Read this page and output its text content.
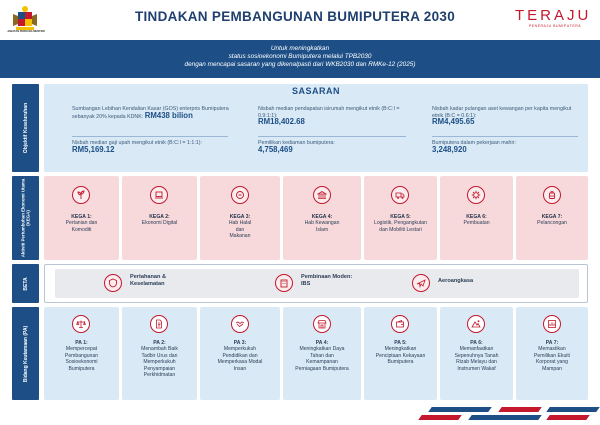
JABATAN PERDANA MENTERI
TINDAKAN PEMBANGUNAN BUMIPUTERA 2030	TERAJU
PENERAJU BUMIPUTERA
Untuk meningkatkan
status sosioekonomi Bumiputera melalui TPB2030
dengan mencapai sasaran yang dikenalpasti dari WKB2030 dan RMKe-12 (2025)
Objektif Keseluruhan
Aktiviti Pertumbuhan Ekonomi Utama (KEGA)
BETA
Bidang Keutamaan (PA)
SASARAN
Sumbangan Lebihan Kendalian Kasar (GOS) enterpris Bumiputera sebanyak 20% kepada KDNK: RM438 bilion
Nisbah median gaji upah mengikut etnik (B:C:I = 1:1:1): RM5,169.12
Nisbah median pendapatan isirumah mengikut etnik (B:C:I = 0.9:1:1):
RM18,402.68
Pemilikan kediaman bumiputera:
4,758,469
Nisbah kadar pulangan aset kewangan per kapita mengikut etnik (B:C = 0.6:1):
RM4,495.65
Bumiputera dalam pekerjaan mahir:
3,248,920
KEGA 1:
Pertanian dan Komoditi
KEGA 2:
Ekonomi Digital
KEGA 3:
Hab Halal dan Makanan
KEGA 4:
Hab Kewangan Islam
KEGA 5:
Logistik, Pengangkutan dan Mobiliti Lestari
KEGA 6:
Pembuatan
KEGA 7:
Pelancongan
Pertahanan & Keselamatan
Pembinaan Moden: IBS	Aeroangkasa
PA 1:
Mempercepat Pembangunan Sosioekonomi Bumiputera
PA 2:
Menambah Baik Tadbir Urus dan Memperkukuh Penyampaian Perkhidmatan
PA 3:
Memperkukuh Pendidikan dan Memperkasa Modal Insan
PA 4:
Meningkatkan Daya Tahan dan Kemampanan Perniagaan Bumiputera
PA 5:
Meningkatkan Penciptaan Kekayaan Bumiputera
PA 6:
Memanfaatkan Sepenuhnya Tanah Rizab Melayu dan Instrumen Wakaf
PA 7:
Memastikan Pemilikan Ekuiti Korporat yang Mampan
